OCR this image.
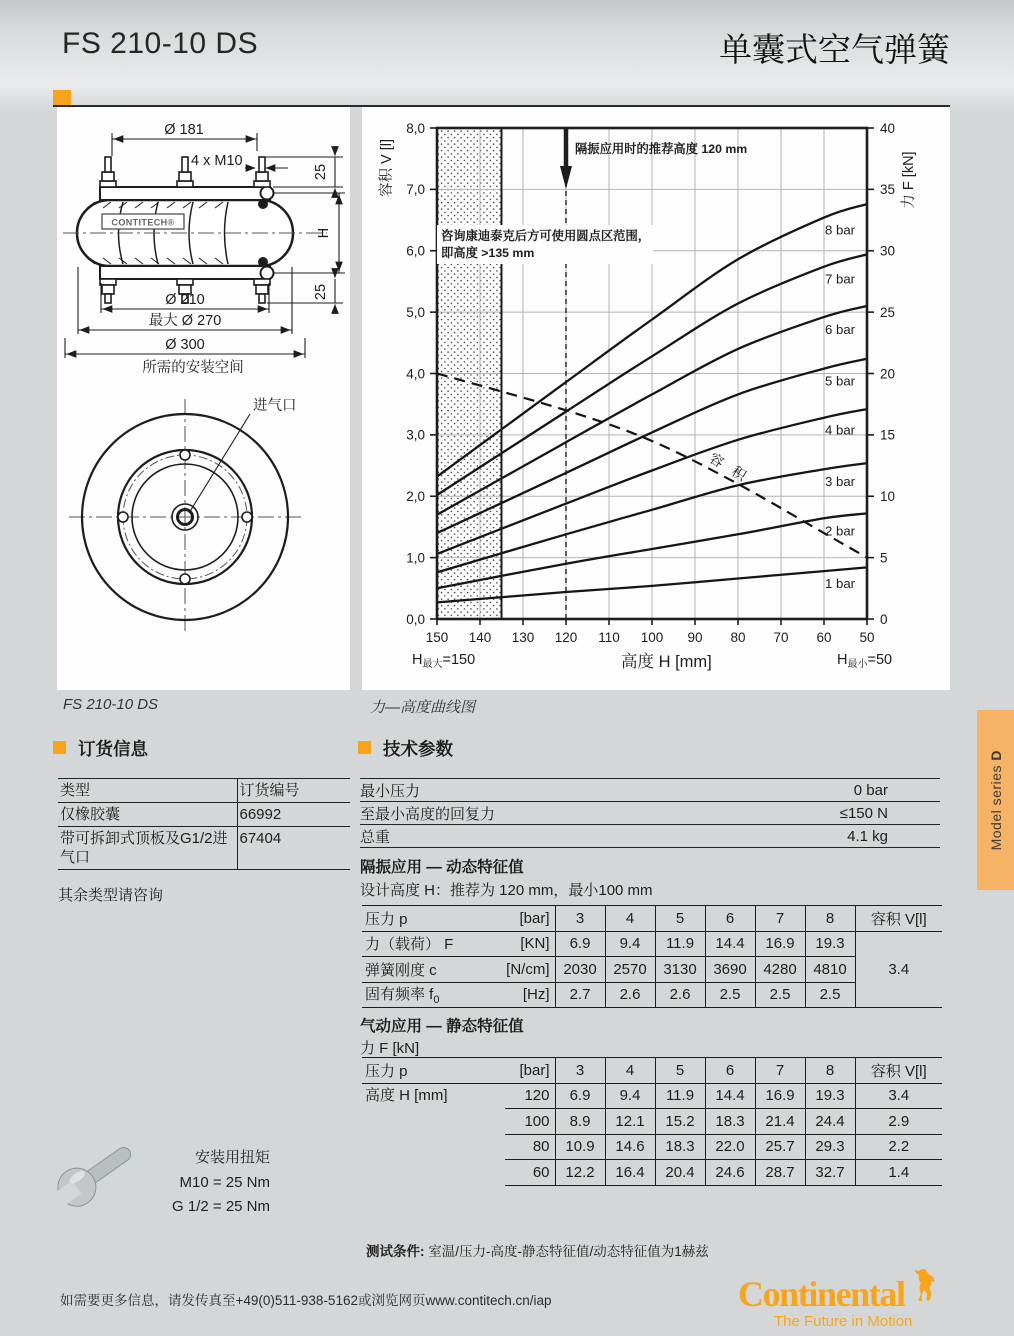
FS 210-10 DS	单囊式空气弹簧
CONTITECH®
Ø 181
4 x M10
25
H
25
Ø 210
最大 Ø 270
Ø 300
所需的安装空间
进气口
8,0
7,0
6,0
5,0
4,0
3,0
2,0
1,0
0,0
40
35
30
25
20
15
10
5
0
150 140 130 120 110 100 90 80 70 60 50
8 bar
7 bar
6 bar
5 bar
4 bar
3 bar
2 bar
1 bar
隔振应用时的推荐高度 120 mm
咨询康迪泰克后方可使用圆点区范围，
即高度 >135 mm
容积 V [l]	力 F [kN]
容 积
高度 H [mm]
$H_{最大}=150$	$H_{最小}=50$
FS 210-10 DS	力—高度曲线图
订货信息
类型	订货编号
仅橡胶囊	66992
带可拆卸式顶板及G1/2进气口	67404
其余类型请咨询
技术参数
最小压力	0 bar
至最小高度的回复力	≤150 N
总重	4.1 kg
隔振应用 — 动态特征值
设计高度 H：推荐为 120 mm，最小100 mm
压力 p	[bar]	3	4	5	6	7	8	容积 V[l]
力（载荷） F	[KN]	6.9	9.4	11.9	14.4	16.9	19.3	3.4
弹簧刚度 c	[N/cm]	2030	2570	3130	3690	4280	4810	
固有频率 $f_0$	[Hz]	2.7	2.6	2.6	2.5	2.5	2.5	
气动应用 — 静态特征值
力 F [kN]
压力 p	[bar]	3	4	5	6	7	8	容积 V[l]
高度 H [mm]	120	6.9	9.4	11.9	14.4	16.9	19.3	3.4
	100	8.9	12.1	15.2	18.3	21.4	24.4	2.9
	80	10.9	14.6	18.3	22.0	25.7	29.3	2.2
	60	12.2	16.4	20.4	24.6	28.7	32.7	1.4
安装用扭矩
M10 = 25 Nm
G 1/2 = 25 Nm
测试条件: 室温/压力-高度-静态特征值/动态特征值为1赫兹
Model series D
如需要更多信息，请发传真至+49(0)511-938-5162或浏览网页www.contitech.cn/iap	Continental
The Future in Motion
